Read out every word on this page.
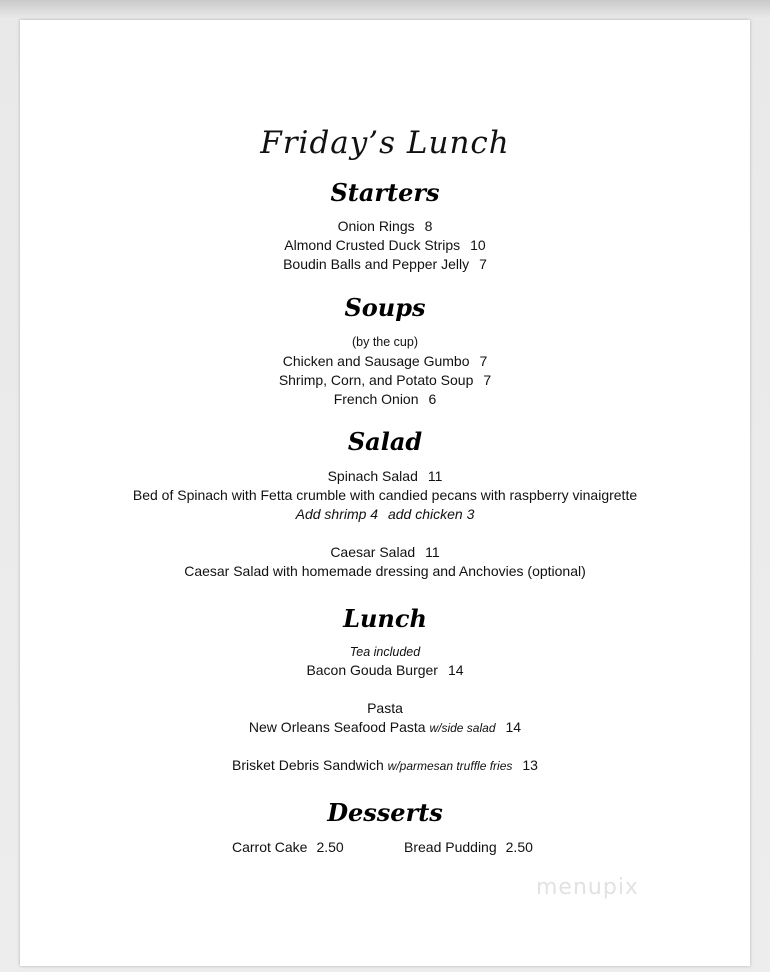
Friday’s Lunch
Starters
Onion Rings 8
Almond Crusted Duck Strips 10
Boudin Balls and Pepper Jelly 7
Soups
(by the cup)
Chicken and Sausage Gumbo 7
Shrimp, Corn, and Potato Soup 7
French Onion 6
Salad
Spinach Salad 11
Bed of Spinach with Fetta crumble with candied pecans with raspberry vinaigrette
Add shrimp 4 add chicken 3
Caesar Salad 11
Caesar Salad with homemade dressing and Anchovies (optional)
Lunch
Tea included
Bacon Gouda Burger 14
Pasta
New Orleans Seafood Pasta w/side salad 14
Brisket Debris Sandwich w/parmesan truffle fries 13
Desserts
Carrot Cake 2.50	Bread Pudding 2.50
menupix
